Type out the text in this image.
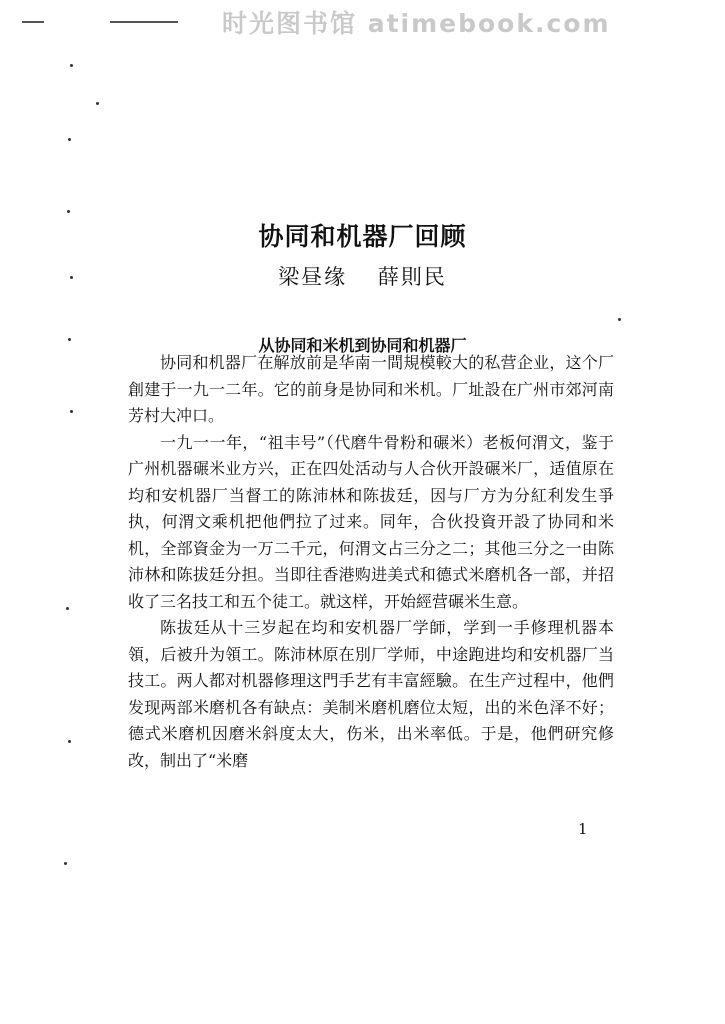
时光图书馆 atimebook.com
协同和机器厂回顾
梁昼缘 薛則民
从协同和米机到协同和机器厂

协同和机器厂在解放前是华南一間規模較大的私营企业，这个厂創建于一九一二年。它的前身是协同和米机。厂址設在广州市郊河南芳村大冲口。

一九一一年，“祖丰号”（代磨牛骨粉和碾米）老板何渭文，鉴于广州机器碾米业方兴，正在四处活动与人合伙开設碾米厂，适值原在均和安机器厂当督工的陈沛林和陈拔廷，因与厂方为分紅利发生爭执，何渭文乘机把他們拉了过来。同年，合伙投資开設了协同和米机，全部資金为一万二千元，何渭文占三分之二；其他三分之一由陈沛林和陈拔廷分担。当即往香港购进美式和德式米磨机各一部，并招收了三名技工和五个徒工。就这样，开始經营碾米生意。

陈拔廷从十三岁起在均和安机器厂学師，学到一手修理机器本領，后被升为領工。陈沛林原在別厂学师，中途跑进均和安机器厂当技工。两人都对机器修理这門手艺有丰富經驗。在生产过程中，他們发现两部米磨机各有缺点：美制米磨机磨位太短，出的米色泽不好；德式米磨机因磨米斜度太大，伤米，出米率低。于是，他們研究修改，制出了“米磨

1
